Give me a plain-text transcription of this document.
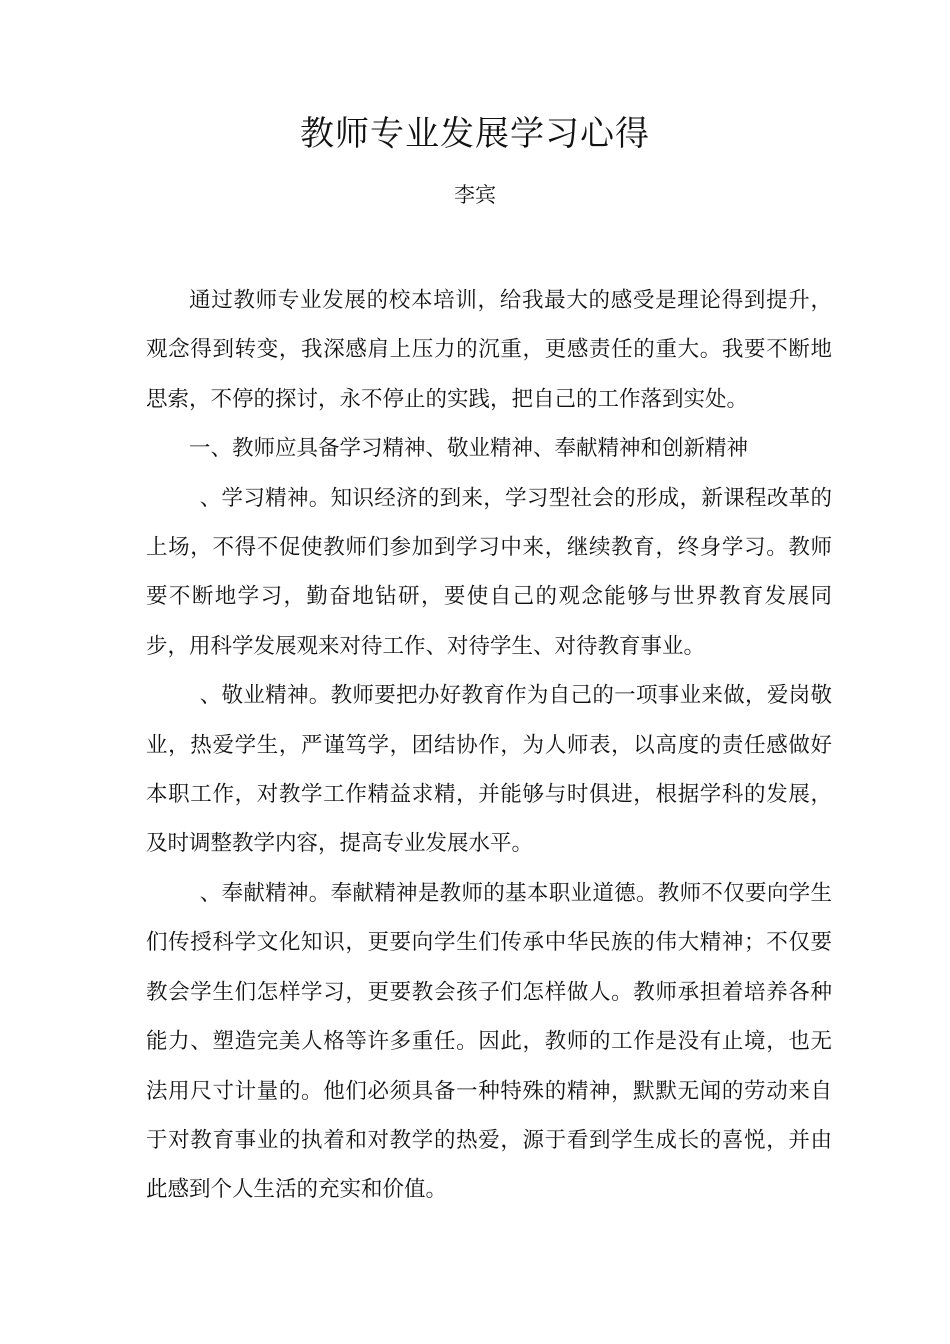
教师专业发展学习心得

李宾

通过教师专业发展的校本培训，给我最大的感受是理论得到提升，观念得到转变，我深感肩上压力的沉重，更感责任的重大。我要不断地思索，不停的探讨，永不停止的实践，把自己的工作落到实处。

一、教师应具备学习精神、敬业精神、奉献精神和创新精神

、学习精神。知识经济的到来，学习型社会的形成，新课程改革的上场，不得不促使教师们参加到学习中来，继续教育，终身学习。教师要不断地学习，勤奋地钻研，要使自己的观念能够与世界教育发展同步，用科学发展观来对待工作、对待学生、对待教育事业。

、敬业精神。教师要把办好教育作为自己的一项事业来做，爱岗敬业，热爱学生，严谨笃学，团结协作，为人师表，以高度的责任感做好本职工作，对教学工作精益求精，并能够与时俱进，根据学科的发展，及时调整教学内容，提高专业发展水平。

、奉献精神。奉献精神是教师的基本职业道德。教师不仅要向学生们传授科学文化知识，更要向学生们传承中华民族的伟大精神；不仅要教会学生们怎样学习，更要教会孩子们怎样做人。教师承担着培养各种能力、塑造完美人格等许多重任。因此，教师的工作是没有止境，也无法用尺寸计量的。他们必须具备一种特殊的精神，默默无闻的劳动来自于对教育事业的执着和对教学的热爱，源于看到学生成长的喜悦，并由此感到个人生活的充实和价值。
